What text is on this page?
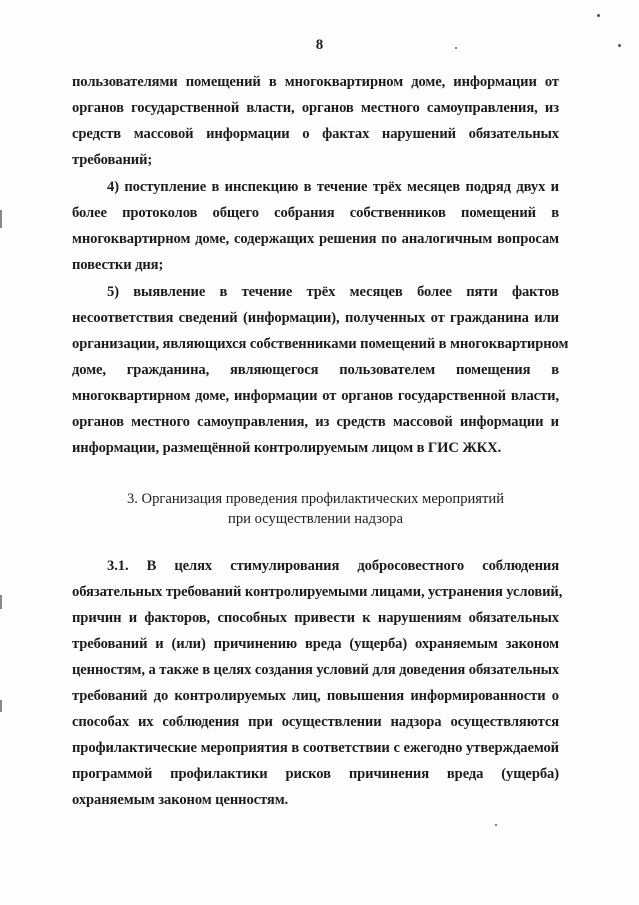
8
пользователями помещений в многоквартирном доме, информации от
органов государственной власти, органов местного самоуправления, из
средств массовой информации о фактах нарушений обязательных
требований;
4) поступление в инспекцию в течение трёх месяцев подряд двух и
более протоколов общего собрания собственников помещений в
многоквартирном доме, содержащих решения по аналогичным вопросам
повестки дня;
5) выявление в течение трёх месяцев более пяти фактов
несоответствия сведений (информации), полученных от гражданина или
организации, являющихся собственниками помещений в многоквартирном
доме, гражданина, являющегося пользователем помещения в
многоквартирном доме, информации от органов государственной власти,
органов местного самоуправления, из средств массовой информации и
информации, размещённой контролируемым лицом в ГИС ЖКХ.
3. Организация проведения профилактических мероприятий
при осуществлении надзора
3.1. В целях стимулирования добросовестного соблюдения
обязательных требований контролируемыми лицами, устранения условий,
причин и факторов, способных привести к нарушениям обязательных
требований и (или) причинению вреда (ущерба) охраняемым законом
ценностям, а также в целях создания условий для доведения обязательных
требований до контролируемых лиц, повышения информированности о
способах их соблюдения при осуществлении надзора осуществляются
профилактические мероприятия в соответствии с ежегодно утверждаемой
программой профилактики рисков причинения вреда (ущерба)
охраняемым законом ценностям.
